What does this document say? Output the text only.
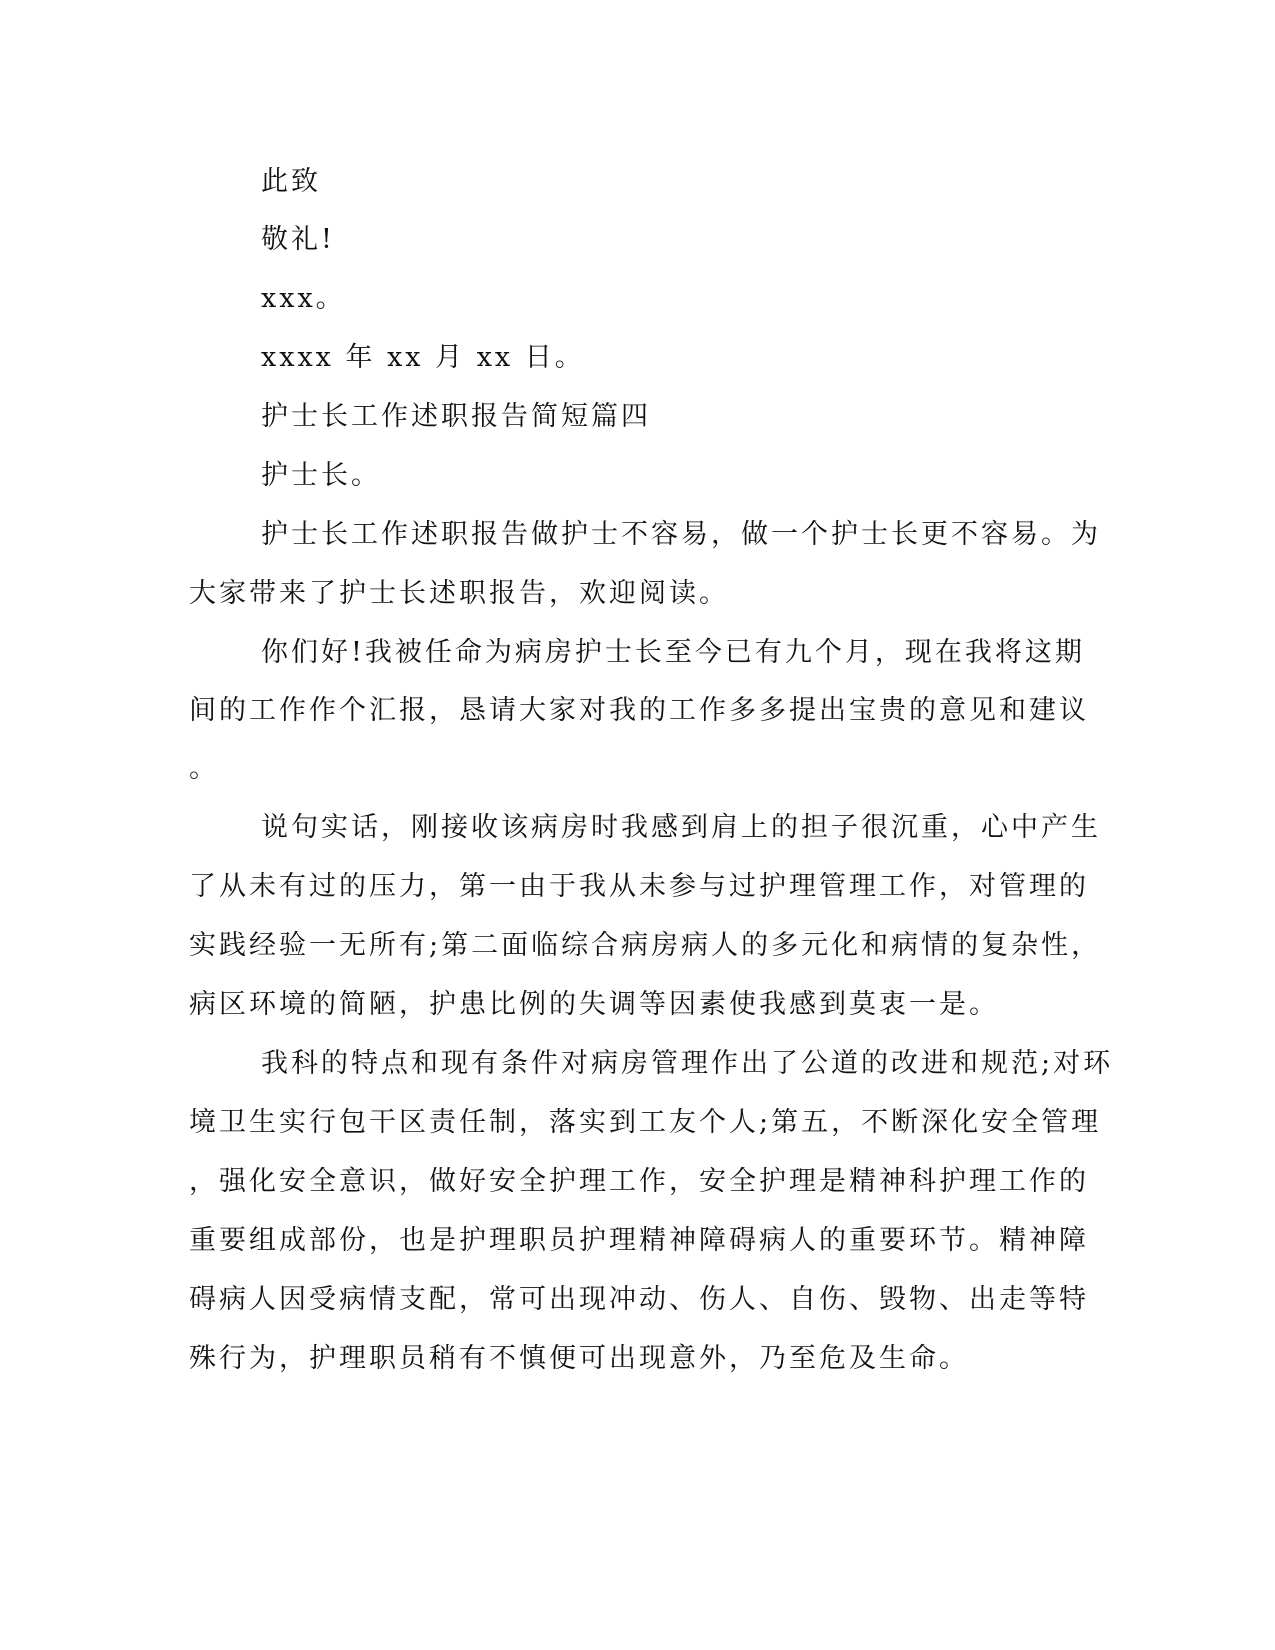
此致
敬礼!
xxx。
xxxx 年 xx 月 xx 日。
护士长工作述职报告简短篇四
护士长。
护士长工作述职报告做护士不容易，做一个护士长更不容易。为
大家带来了护士长述职报告，欢迎阅读。
你们好!我被任命为病房护士长至今已有九个月，现在我将这期
间的工作作个汇报，恳请大家对我的工作多多提出宝贵的意见和建议
。
说句实话，刚接收该病房时我感到肩上的担子很沉重，心中产生
了从未有过的压力，第一由于我从未参与过护理管理工作，对管理的
实践经验一无所有;第二面临综合病房病人的多元化和病情的复杂性，
病区环境的简陋，护患比例的失调等因素使我感到莫衷一是。
我科的特点和现有条件对病房管理作出了公道的改进和规范;对环
境卫生实行包干区责任制，落实到工友个人;第五，不断深化安全管理
，强化安全意识，做好安全护理工作，安全护理是精神科护理工作的
重要组成部份，也是护理职员护理精神障碍病人的重要环节。精神障
碍病人因受病情支配，常可出现冲动、伤人、自伤、毁物、出走等特
殊行为，护理职员稍有不慎便可出现意外，乃至危及生命。
